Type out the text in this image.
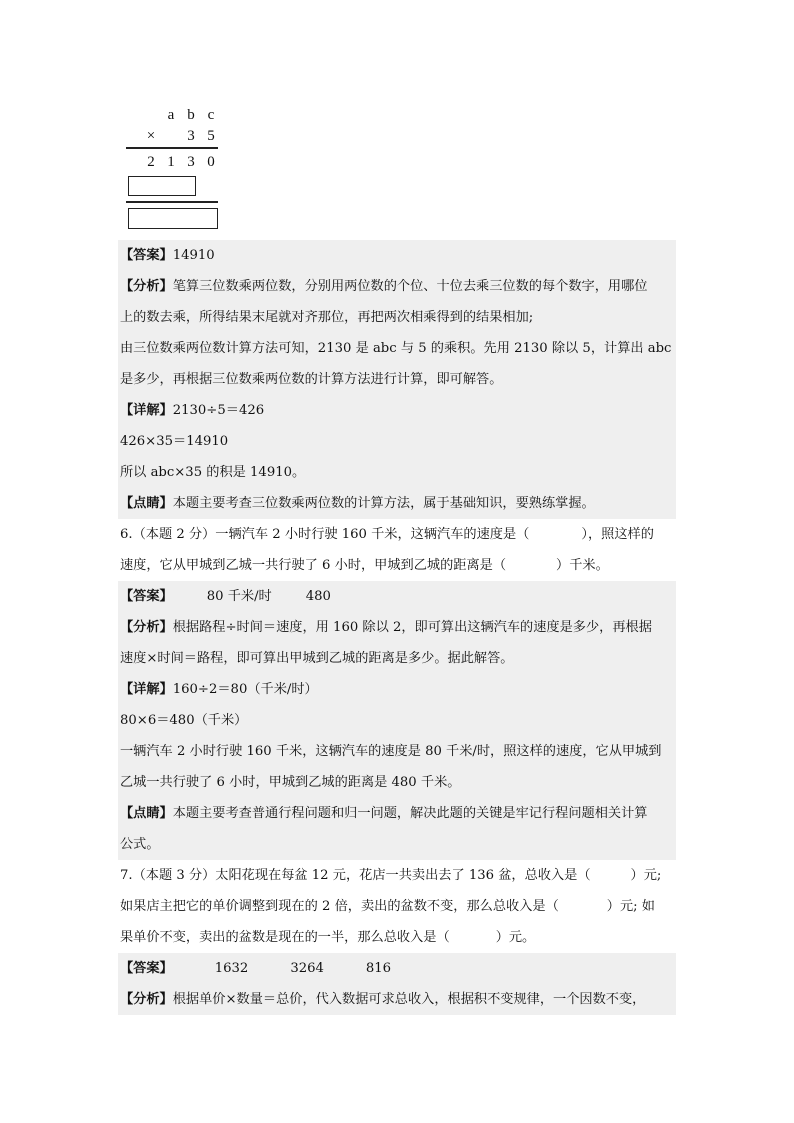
a b c
× 3 5
2 1 3 0
【答案】14910
【分析】笔算三位数乘两位数，分别用两位数的个位、十位去乘三位数的每个数字，用哪位
上的数去乘，所得结果末尾就对齐那位，再把两次相乘得到的结果相加;
由三位数乘两位数计算方法可知，2130 是 abc 与 5 的乘积。先用 2130 除以 5，计算出 abc
是多少，再根据三位数乘两位数的计算方法进行计算，即可解答。
【详解】2130÷5＝426
426×35＝14910
所以 abc×35 的积是 14910。
【点睛】本题主要考查三位数乘两位数的计算方法，属于基础知识，要熟练掌握。
6.（本题 2 分）一辆汽车 2 小时行驶 160 千米，这辆汽车的速度是（	），照这样的
速度，它从甲城到乙城一共行驶了 6 小时，甲城到乙城的距离是（	）千米。
【答案】	80 千米/时	480
【分析】根据路程÷时间＝速度，用 160 除以 2，即可算出这辆汽车的速度是多少，再根据
速度×时间＝路程，即可算出甲城到乙城的距离是多少。据此解答。
【详解】160÷2＝80（千米/时）
80×6＝480（千米）
一辆汽车 2 小时行驶 160 千米，这辆汽车的速度是 80 千米/时，照这样的速度，它从甲城到
乙城一共行驶了 6 小时，甲城到乙城的距离是 480 千米。
【点睛】本题主要考查普通行程问题和归一问题，解决此题的关键是牢记行程问题相关计算
公式。
7.（本题 3 分）太阳花现在每盆 12 元，花店一共卖出去了 136 盆，总收入是（	）元;
如果店主把它的单价调整到现在的 2 倍，卖出的盆数不变，那么总收入是（	）元; 如
果单价不变，卖出的盆数是现在的一半，那么总收入是（	）元。
【答案】	1632	3264	816
【分析】根据单价×数量＝总价，代入数据可求总收入，根据积不变规律，一个因数不变，
